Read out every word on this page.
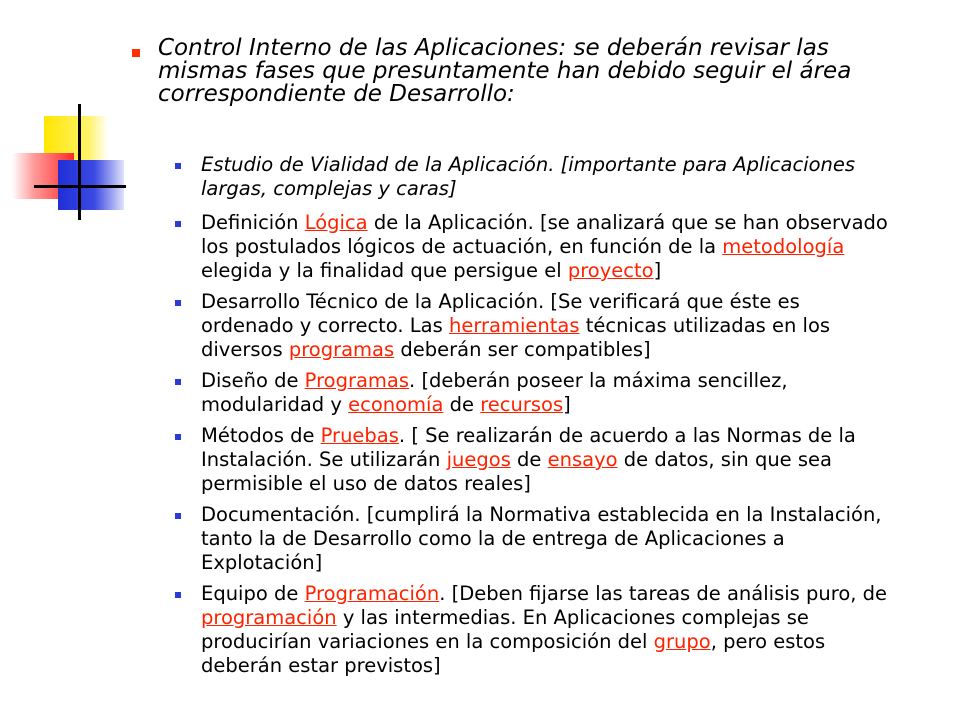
Control Interno de las Aplicaciones: se deberán revisar las mismas fases que presuntamente han debido seguir el área correspondiente de Desarrollo:
Estudio de Vialidad de la Aplicación. [importante para Aplicaciones largas, complejas y caras]
Definición Lógica de la Aplicación. [se analizará que se han observado los postulados lógicos de actuación, en función de la metodología elegida y la finalidad que persigue el proyecto]
Desarrollo Técnico de la Aplicación. [Se verificará que éste es ordenado y correcto. Las herramientas técnicas utilizadas en los diversos programas deberán ser compatibles]
Diseño de Programas. [deberán poseer la máxima sencillez, modularidad y economía de recursos]
Métodos de Pruebas. [ Se realizarán de acuerdo a las Normas de la Instalación. Se utilizarán juegos de ensayo de datos, sin que sea permisible el uso de datos reales]
Documentación. [cumplirá la Normativa establecida en la Instalación, tanto la de Desarrollo como la de entrega de Aplicaciones a Explotación]
Equipo de Programación. [Deben fijarse las tareas de análisis puro, de programación y las intermedias. En Aplicaciones complejas se producirían variaciones en la composición del grupo, pero estos deberán estar previstos]
